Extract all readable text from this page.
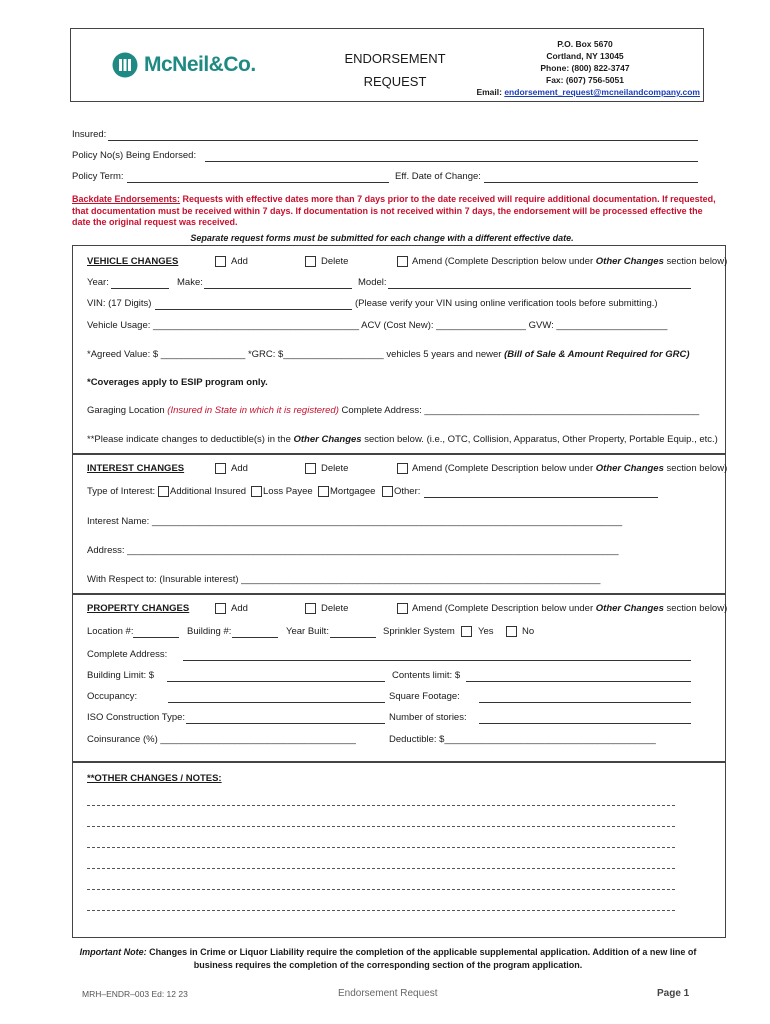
McNeil&Co.	ENDORSEMENT
REQUEST
P.O. Box 5670
Cortland, NY 13045
Phone: (800) 822-3747
Fax: (607) 756-5051
Email: endorsement_request@mcneilandcompany.com
Insured:
Policy No(s) Being Endorsed:
Policy Term:	Eff. Date of Change:
Backdate Endorsements: Requests with effective dates more than 7 days prior to the date received will require additional documentation. If requested, that documentation must be received within 7 days. If documentation is not received within 7 days, the endorsement will be processed effective the date the original request was received.
Separate request forms must be submitted for each change with a different effective date.
VEHICLE CHANGES	Add	Delete	Amend (Complete Description below under Other Changes section below)
Year:	Make:	Model:
VIN: (17 Digits)	(Please verify your VIN using online verification tools before submitting.)
Vehicle Usage: _______________________________________ ACV (Cost New): _________________ GVW: _____________________
*Agreed Value: $ ________________ *GRC: $___________________ vehicles 5 years and newer (Bill of Sale & Amount Required for GRC)
*Coverages apply to ESIP program only.
Garaging Location (Insured in State in which it is registered) Complete Address: ____________________________________________________
**Please indicate changes to deductible(s) in the Other Changes section below. (i.e., OTC, Collision, Apparatus, Other Property, Portable Equip., etc.)
INTEREST CHANGES	Add	Delete	Amend (Complete Description below under Other Changes section below)
Type of Interest: Additional Insured Loss Payee Mortgagee Other:
Interest Name: _________________________________________________________________________________________
Address: _____________________________________________________________________________________________
With Respect to: (Insurable interest) ____________________________________________________________________
PROPERTY CHANGES	Add	Delete	Amend (Complete Description below under Other Changes section below)
Location #:	Building #:	Year Built:	Sprinkler System Yes	No
Complete Address:
Building Limit: $	Contents limit: $
Occupancy:	Square Footage:
ISO Construction Type:	Number of stories:
Coinsurance (%) _____________________________________	Deductible: $________________________________________
**OTHER CHANGES / NOTES:
Important Note: Changes in Crime or Liquor Liability require the completion of the applicable supplemental application. Addition of a new line of business requires the completion of the corresponding section of the program application.
MRH–ENDR–003 Ed: 12 23	Endorsement Request	Page 1
